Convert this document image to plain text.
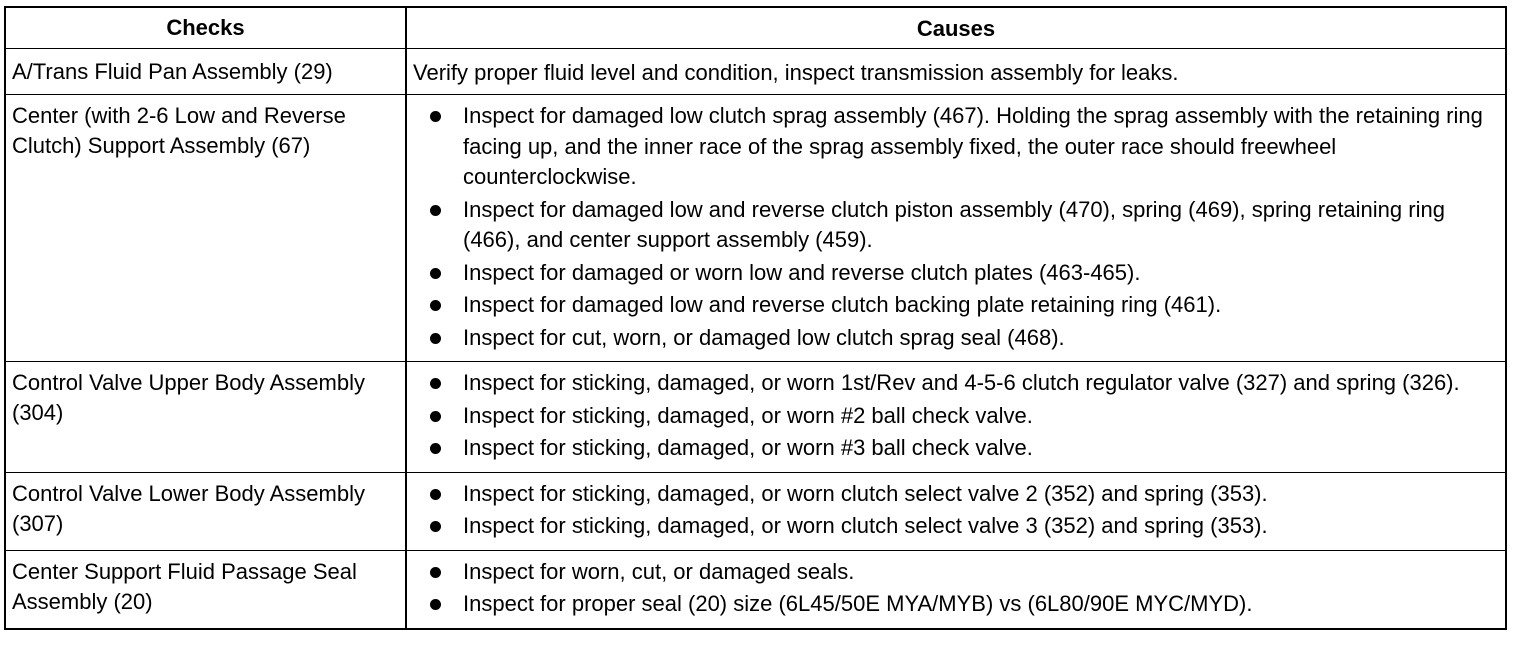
Checks	Causes
A/Trans Fluid Pan Assembly (29)	Verify proper fluid level and condition, inspect transmission assembly for leaks.
Center (with 2-6 Low and Reverse Clutch) Support Assembly (67)
Inspect for damaged low clutch sprag assembly (467). Holding the sprag assembly with the retaining ring facing up, and the inner race of the sprag assembly fixed, the outer race should freewheel counterclockwise.
Inspect for damaged low and reverse clutch piston assembly (470), spring (469), spring retaining ring (466), and center support assembly (459).
Inspect for damaged or worn low and reverse clutch plates (463-465).
Inspect for damaged low and reverse clutch backing plate retaining ring (461).
Inspect for cut, worn, or damaged low clutch sprag seal (468).
Control Valve Upper Body Assembly (304)
Inspect for sticking, damaged, or worn 1st/Rev and 4-5-6 clutch regulator valve (327) and spring (326).
Inspect for sticking, damaged, or worn #2 ball check valve.
Inspect for sticking, damaged, or worn #3 ball check valve.
Control Valve Lower Body Assembly (307)
Inspect for sticking, damaged, or worn clutch select valve 2 (352) and spring (353).
Inspect for sticking, damaged, or worn clutch select valve 3 (352) and spring (353).
Center Support Fluid Passage Seal Assembly (20)
Inspect for worn, cut, or damaged seals.
Inspect for proper seal (20) size (6L45/50E MYA/MYB) vs (6L80/90E MYC/MYD).
